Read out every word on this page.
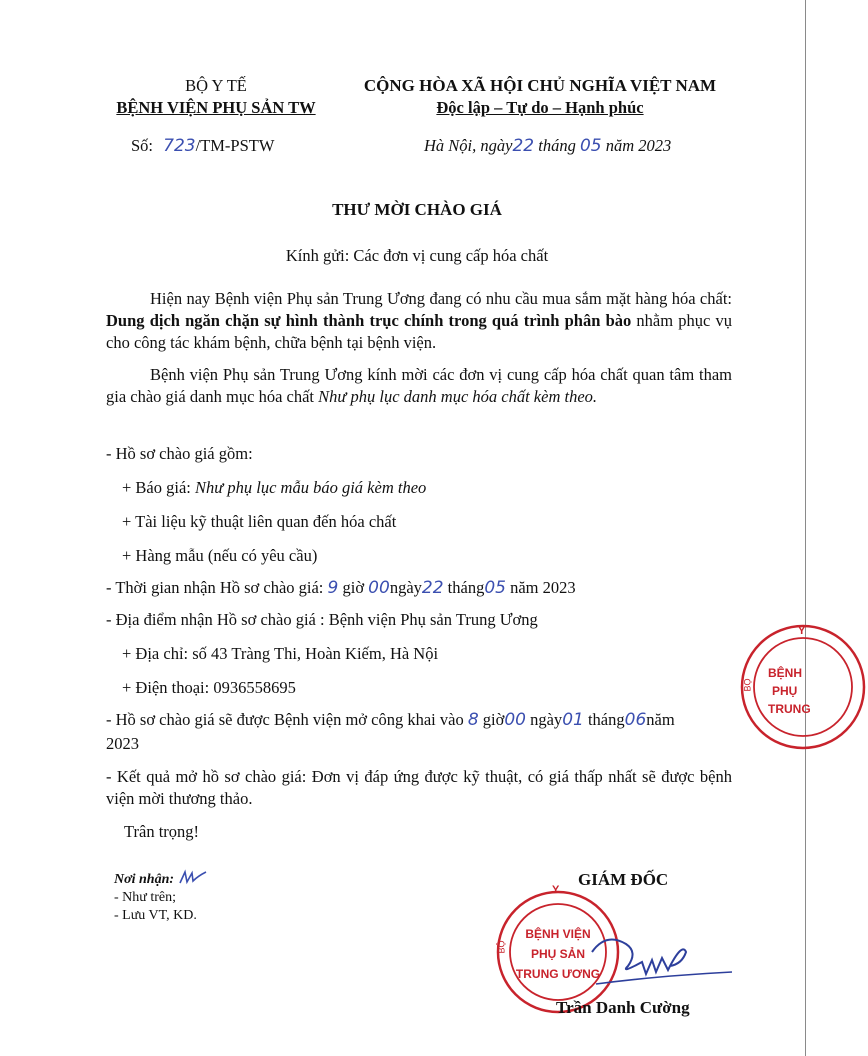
BỘ Y TẾ
BỆNH VIỆN PHỤ SẢN TW
Số: 723/TM-PSTW
CỘNG HÒA XÃ HỘI CHỦ NGHĨA VIỆT NAM
Độc lập – Tự do – Hạnh phúc
Hà Nội, ngày22 tháng 05 năm 2023
THƯ MỜI CHÀO GIÁ
Kính gửi: Các đơn vị cung cấp hóa chất
Hiện nay Bệnh viện Phụ sản Trung Ương đang có nhu cầu mua sắm mặt hàng hóa chất: Dung dịch ngăn chặn sự hình thành trục chính trong quá trình phân bào nhằm phục vụ cho công tác khám bệnh, chữa bệnh tại bệnh viện.
Bệnh viện Phụ sản Trung Ương kính mời các đơn vị cung cấp hóa chất quan tâm tham gia chào giá danh mục hóa chất Như phụ lục danh mục hóa chất kèm theo.
- Hồ sơ chào giá gồm:
+ Báo giá: Như phụ lục mẫu báo giá kèm theo
+ Tài liệu kỹ thuật liên quan đến hóa chất
+ Hàng mẫu (nếu có yêu cầu)
- Thời gian nhận Hồ sơ chào giá: 9 giờ 00ngày22 tháng05 năm 2023
- Địa điểm nhận Hồ sơ chào giá : Bệnh viện Phụ sản Trung Ương
+ Địa chỉ: số 43 Tràng Thi, Hoàn Kiếm, Hà Nội
+ Điện thoại: 0936558695
- Hồ sơ chào giá sẽ được Bệnh viện mở công khai vào 8 giờ00 ngày01 tháng06năm
2023
- Kết quả mở hồ sơ chào giá: Đơn vị đáp ứng được kỹ thuật, có giá thấp nhất sẽ được bệnh viện mời thương thảo.
Trân trọng!
Nơi nhận:
- Như trên;
- Lưu VT, KD.
GIÁM ĐỐC
Y
BỘ
BỆNH VIỆN
PHỤ SẢN
TRUNG ƯƠNG
Trần Danh Cường
Y
BỘ
BỆNH
PHỤ
TRUNG
